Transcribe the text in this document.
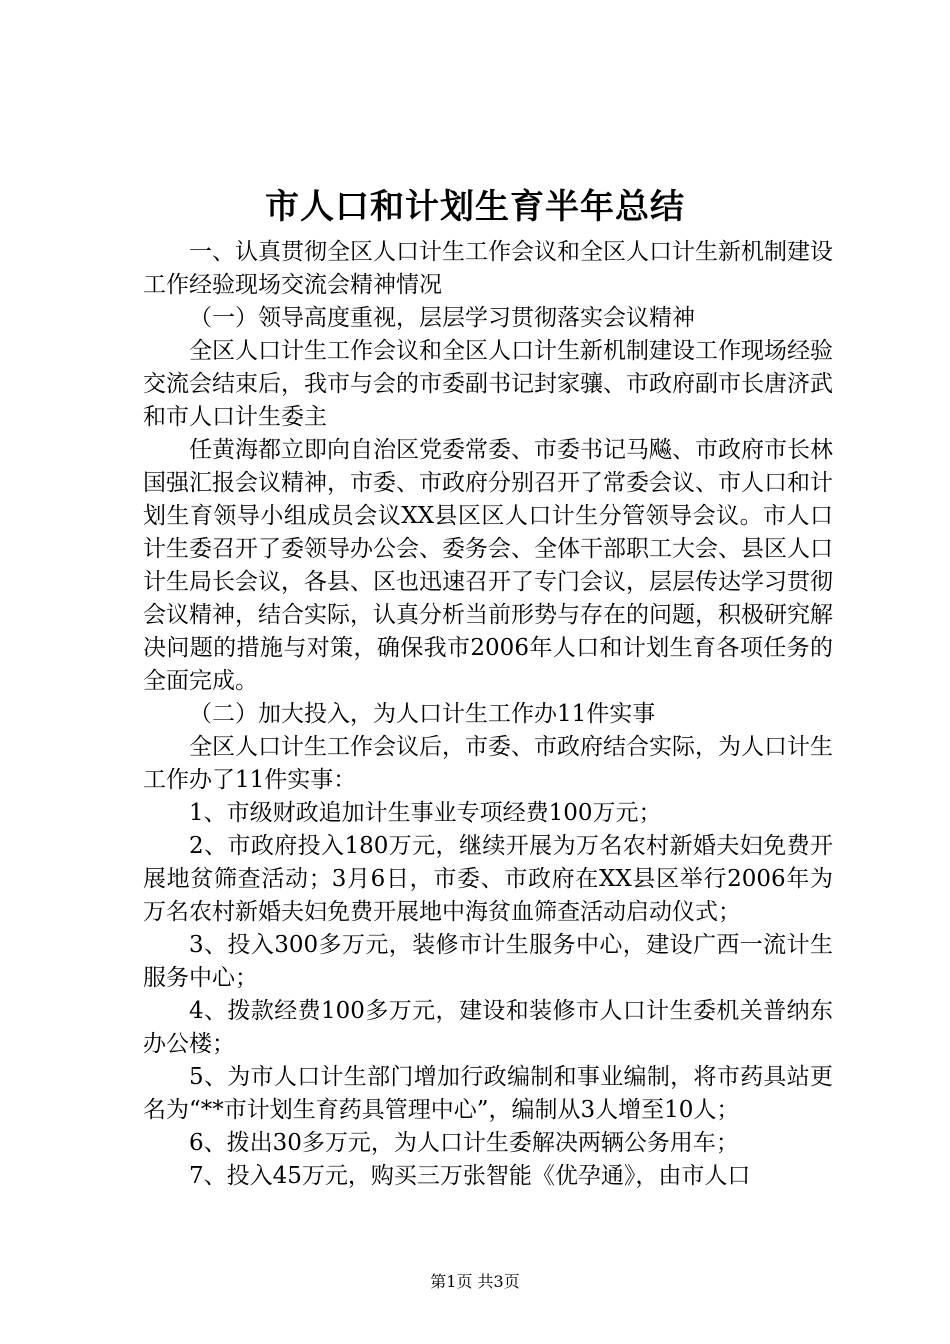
市人口和计划生育半年总结

一、认真贯彻全区人口计生工作会议和全区人口计生新机制建设工作经验现场交流会精神情况

（一）领导高度重视，层层学习贯彻落实会议精神

全区人口计生工作会议和全区人口计生新机制建设工作现场经验交流会结束后，我市与会的市委副书记封家骧、市政府副市长唐济武和市人口计生委主

任黄海都立即向自治区党委常委、市委书记马飚、市政府市长林国强汇报会议精神，市委、市政府分别召开了常委会议、市人口和计划生育领导小组成员会议XX县区区人口计生分管领导会议。市人口计生委召开了委领导办公会、委务会、全体干部职工大会、县区人口计生局长会议，各县、区也迅速召开了专门会议，层层传达学习贯彻会议精神，结合实际，认真分析当前形势与存在的问题，积极研究解决问题的措施与对策，确保我市2006年人口和计划生育各项任务的全面完成。

（二）加大投入，为人口计生工作办11件实事

全区人口计生工作会议后，市委、市政府结合实际，为人口计生工作办了11件实事：

1、市级财政追加计生事业专项经费100万元；

2、市政府投入180万元，继续开展为万名农村新婚夫妇免费开展地贫筛查活动；3月6日，市委、市政府在XX县区举行2006年为万名农村新婚夫妇免费开展地中海贫血筛查活动启动仪式；

3、投入300多万元，装修市计生服务中心，建设广西一流计生服务中心；

4、拨款经费100多万元，建设和装修市人口计生委机关普纳东办公楼；

5、为市人口计生部门增加行政编制和事业编制，将市药具站更名为“**市计划生育药具管理中心”，编制从3人增至10人；

6、拨出30多万元，为人口计生委解决两辆公务用车；

7、投入45万元，购买三万张智能《优孕通》，由市人口

第1页 共3页
